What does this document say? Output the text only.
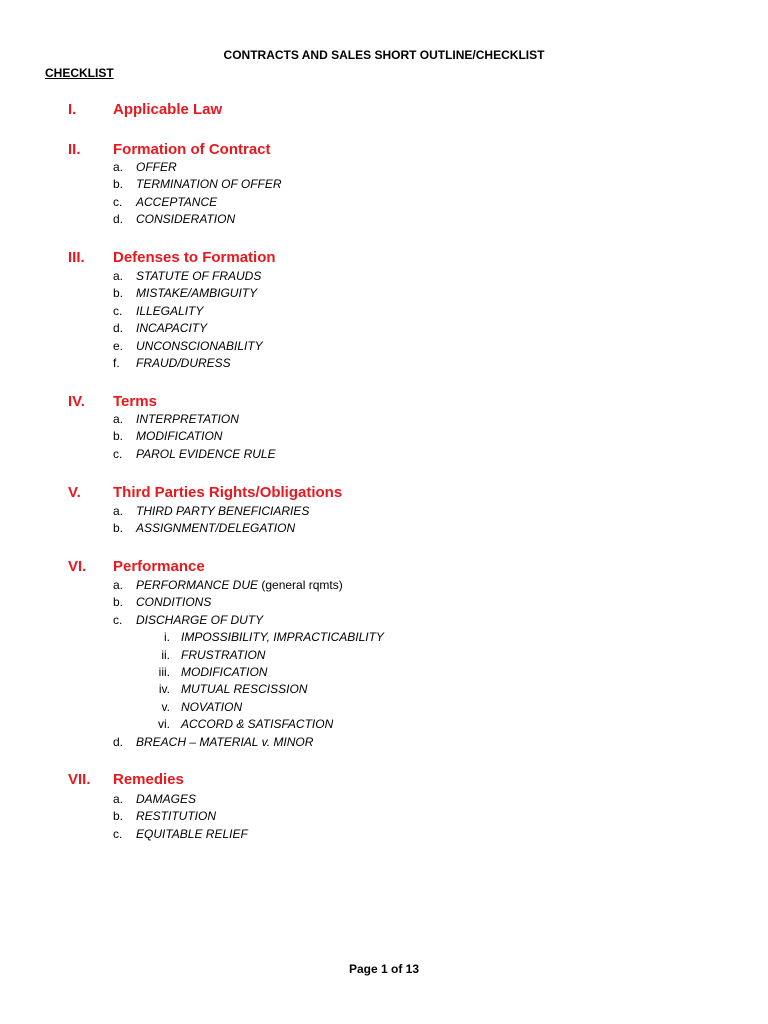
CONTRACTS AND SALES SHORT OUTLINE/CHECKLIST
CHECKLIST
I. Applicable Law
II. Formation of Contract
a. OFFER
b. TERMINATION OF OFFER
c. ACCEPTANCE
d. CONSIDERATION
III. Defenses to Formation
a. STATUTE OF FRAUDS
b. MISTAKE/AMBIGUITY
c. ILLEGALITY
d. INCAPACITY
e. UNCONSCIONABILITY
f. FRAUD/DURESS
IV. Terms
a. INTERPRETATION
b. MODIFICATION
c. PAROL EVIDENCE RULE
V. Third Parties Rights/Obligations
a. THIRD PARTY BENEFICIARIES
b. ASSIGNMENT/DELEGATION
VI. Performance
a. PERFORMANCE DUE (general rqmts)
b. CONDITIONS
c. DISCHARGE OF DUTY
i. IMPOSSIBILITY, IMPRACTICABILITY
ii. FRUSTRATION
iii. MODIFICATION
iv. MUTUAL RESCISSION
v. NOVATION
vi. ACCORD & SATISFACTION
d. BREACH – MATERIAL v. MINOR
VII. Remedies
a. DAMAGES
b. RESTITUTION
c. EQUITABLE RELIEF
Page 1 of 13
